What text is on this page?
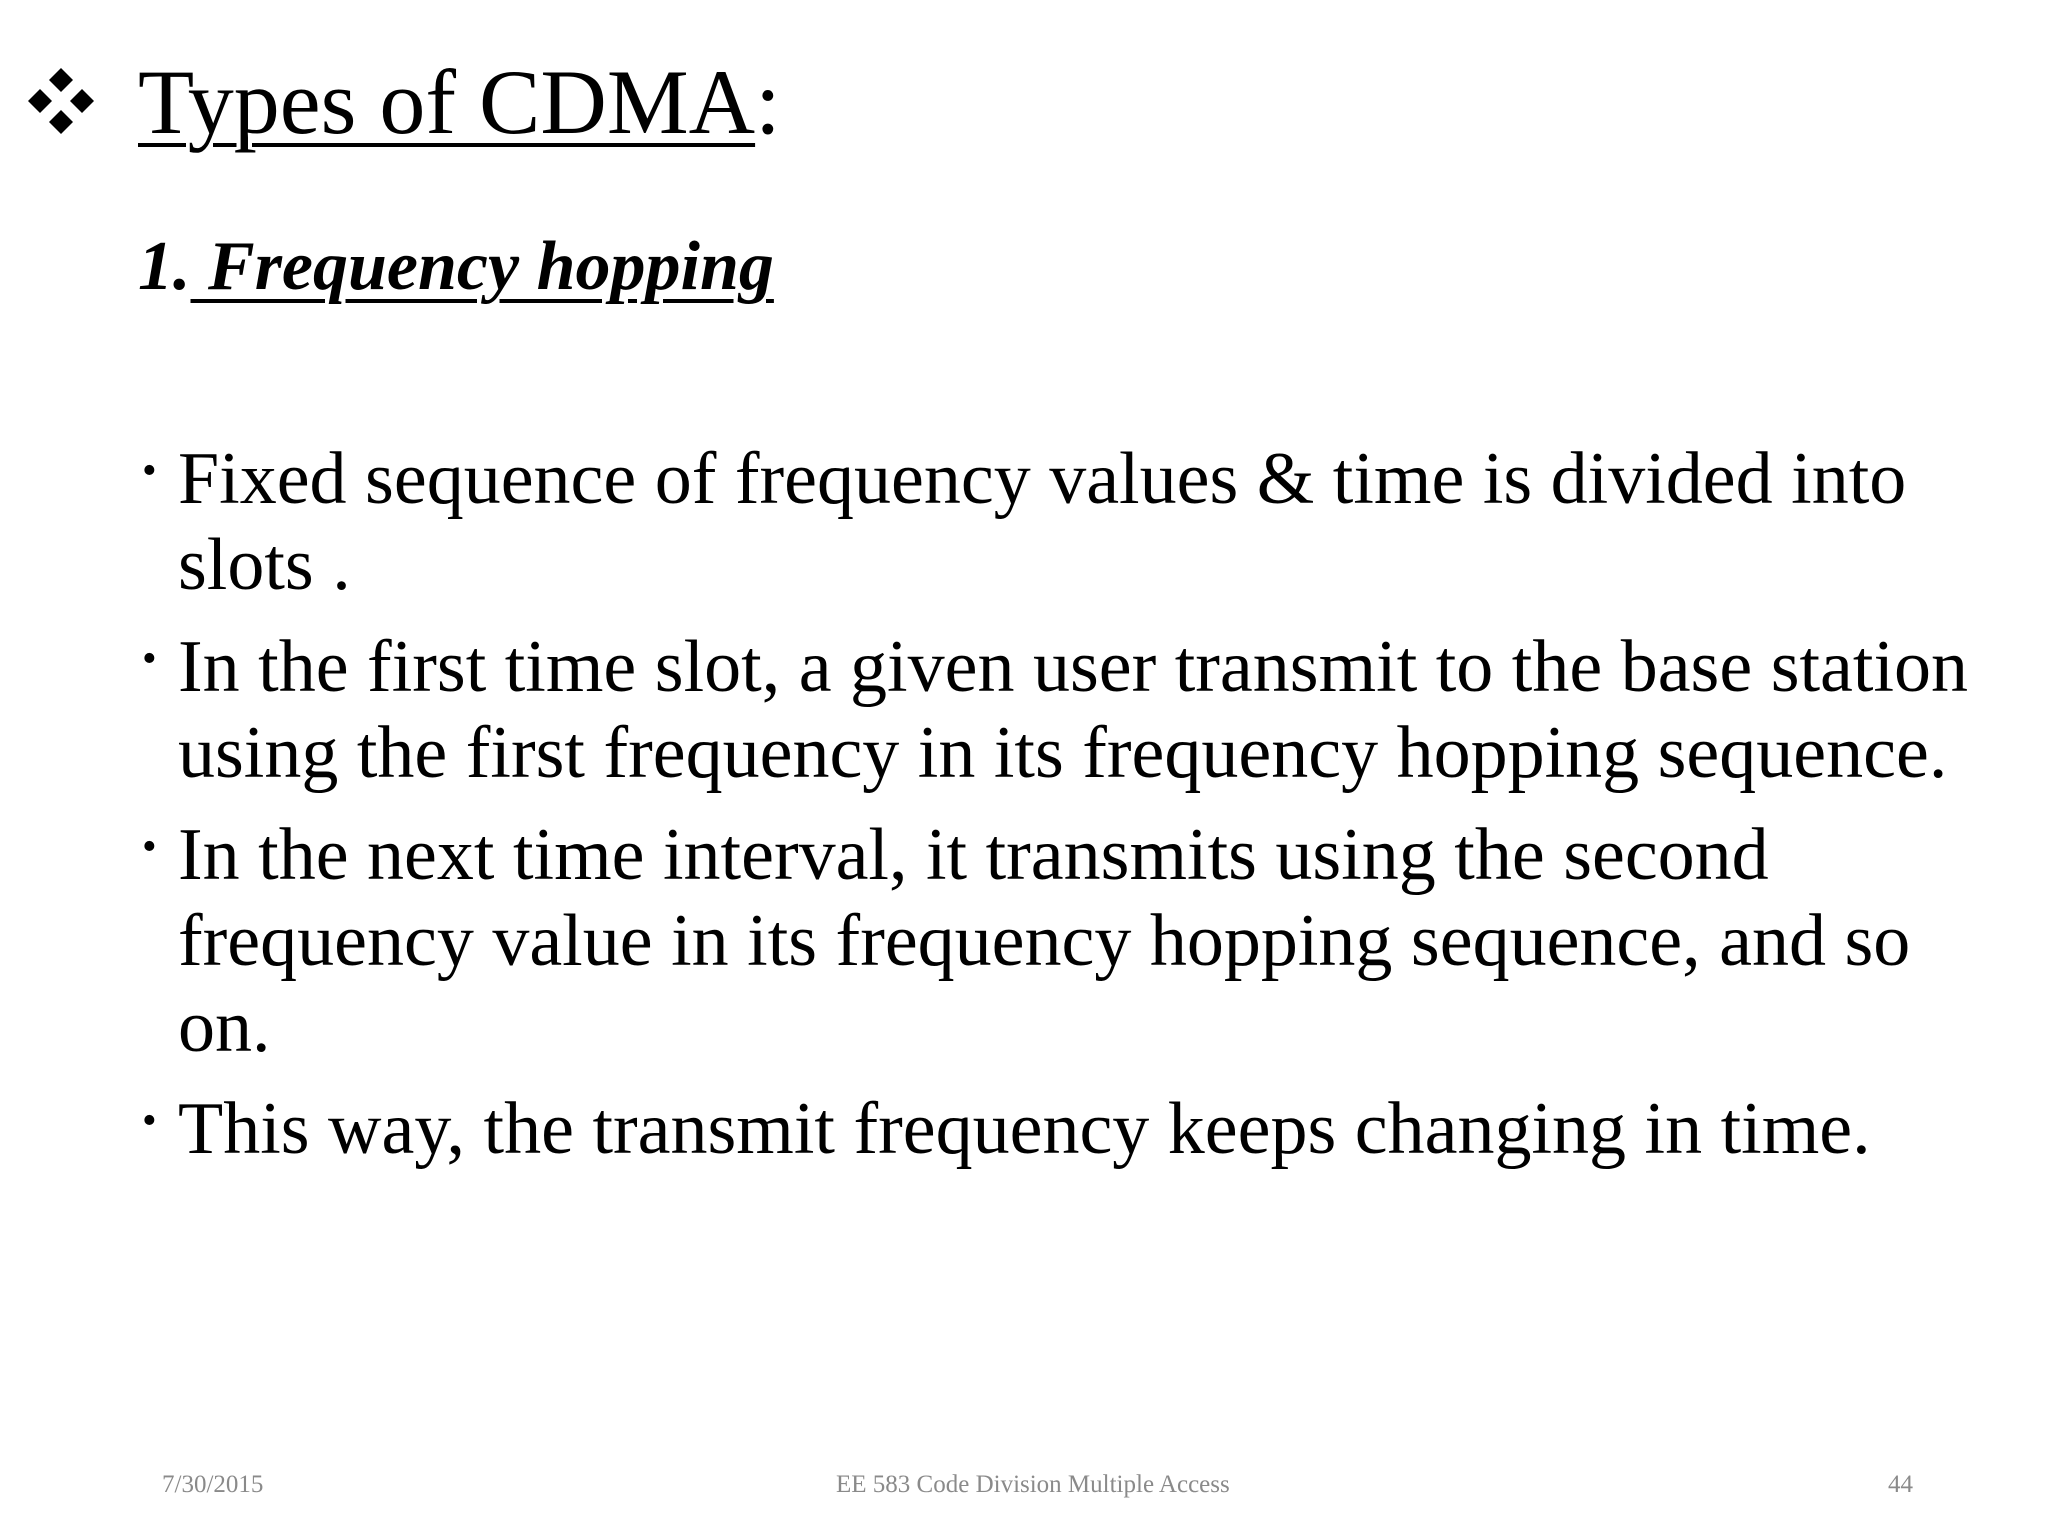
Types of CDMA:
1. Frequency hopping
• Fixed sequence of frequency values & time is divided into slots .
• In the first time slot, a given user transmit to the base station using the first frequency in its frequency hopping sequence.
• In the next time interval, it transmits using the second frequency value in its frequency hopping sequence, and so on.
• This way, the transmit frequency keeps changing in time.
7/30/2015	EE 583 Code Division Multiple Access	44
